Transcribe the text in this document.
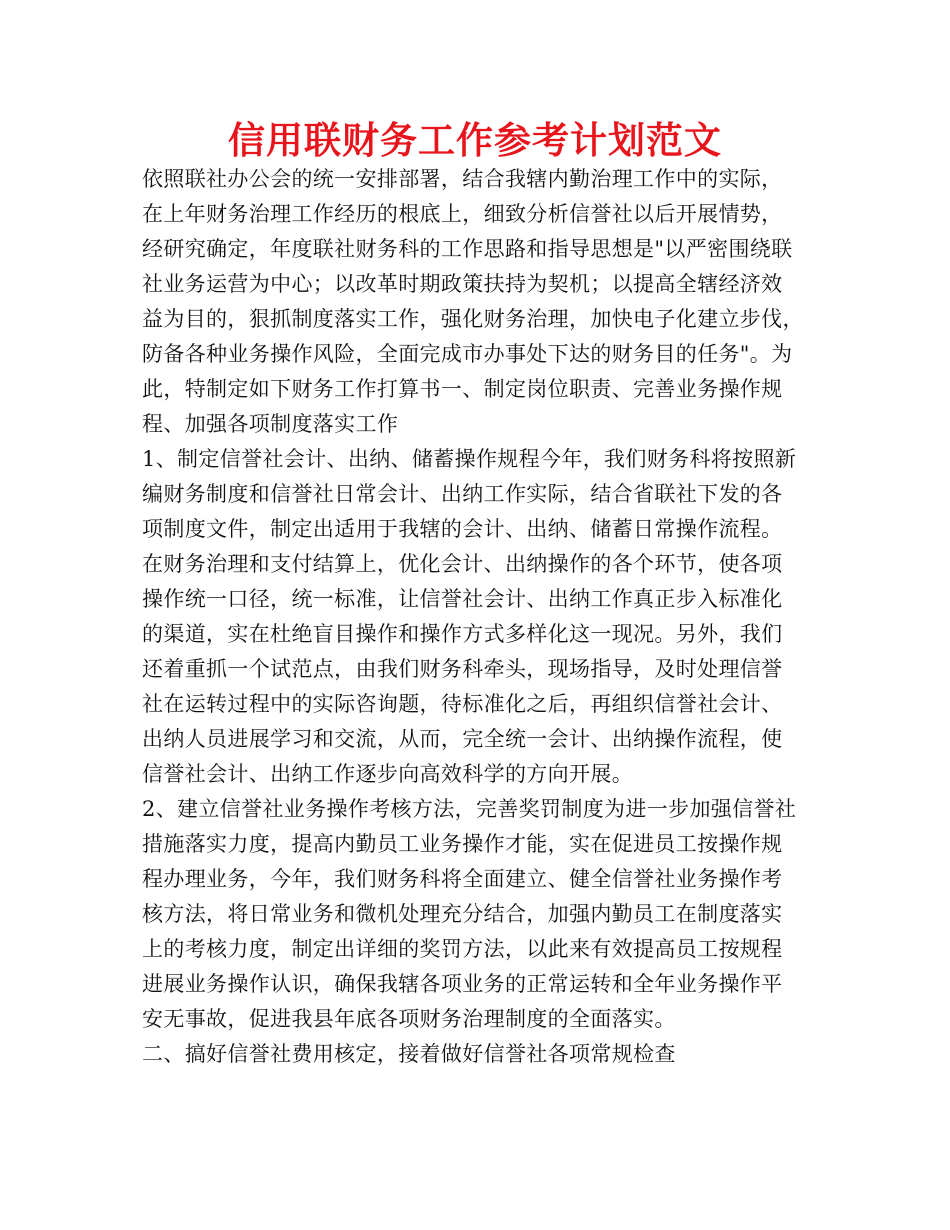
信用联财务工作参考计划范文
依照联社办公会的统一安排部署，结合我辖内勤治理工作中的实际，
在上年财务治理工作经历的根底上，细致分析信誉社以后开展情势，
经研究确定，年度联社财务科的工作思路和指导思想是"以严密围绕联
社业务运营为中心；以改革时期政策扶持为契机；以提高全辖经济效
益为目的，狠抓制度落实工作，强化财务治理，加快电子化建立步伐，
防备各种业务操作风险，全面完成市办事处下达的财务目的任务"。为
此，特制定如下财务工作打算书一、制定岗位职责、完善业务操作规
程、加强各项制度落实工作
1、制定信誉社会计、出纳、储蓄操作规程今年，我们财务科将按照新
编财务制度和信誉社日常会计、出纳工作实际，结合省联社下发的各
项制度文件，制定出适用于我辖的会计、出纳、储蓄日常操作流程。
在财务治理和支付结算上，优化会计、出纳操作的各个环节，使各项
操作统一口径，统一标准，让信誉社会计、出纳工作真正步入标准化
的渠道，实在杜绝盲目操作和操作方式多样化这一现况。另外，我们
还着重抓一个试范点，由我们财务科牵头，现场指导，及时处理信誉
社在运转过程中的实际咨询题，待标准化之后，再组织信誉社会计、
出纳人员进展学习和交流，从而，完全统一会计、出纳操作流程，使
信誉社会计、出纳工作逐步向高效科学的方向开展。
2、建立信誉社业务操作考核方法，完善奖罚制度为进一步加强信誉社
措施落实力度，提高内勤员工业务操作才能，实在促进员工按操作规
程办理业务，今年，我们财务科将全面建立、健全信誉社业务操作考
核方法，将日常业务和微机处理充分结合，加强内勤员工在制度落实
上的考核力度，制定出详细的奖罚方法，以此来有效提高员工按规程
进展业务操作认识，确保我辖各项业务的正常运转和全年业务操作平
安无事故，促进我县年底各项财务治理制度的全面落实。
二、搞好信誉社费用核定，接着做好信誉社各项常规检查
